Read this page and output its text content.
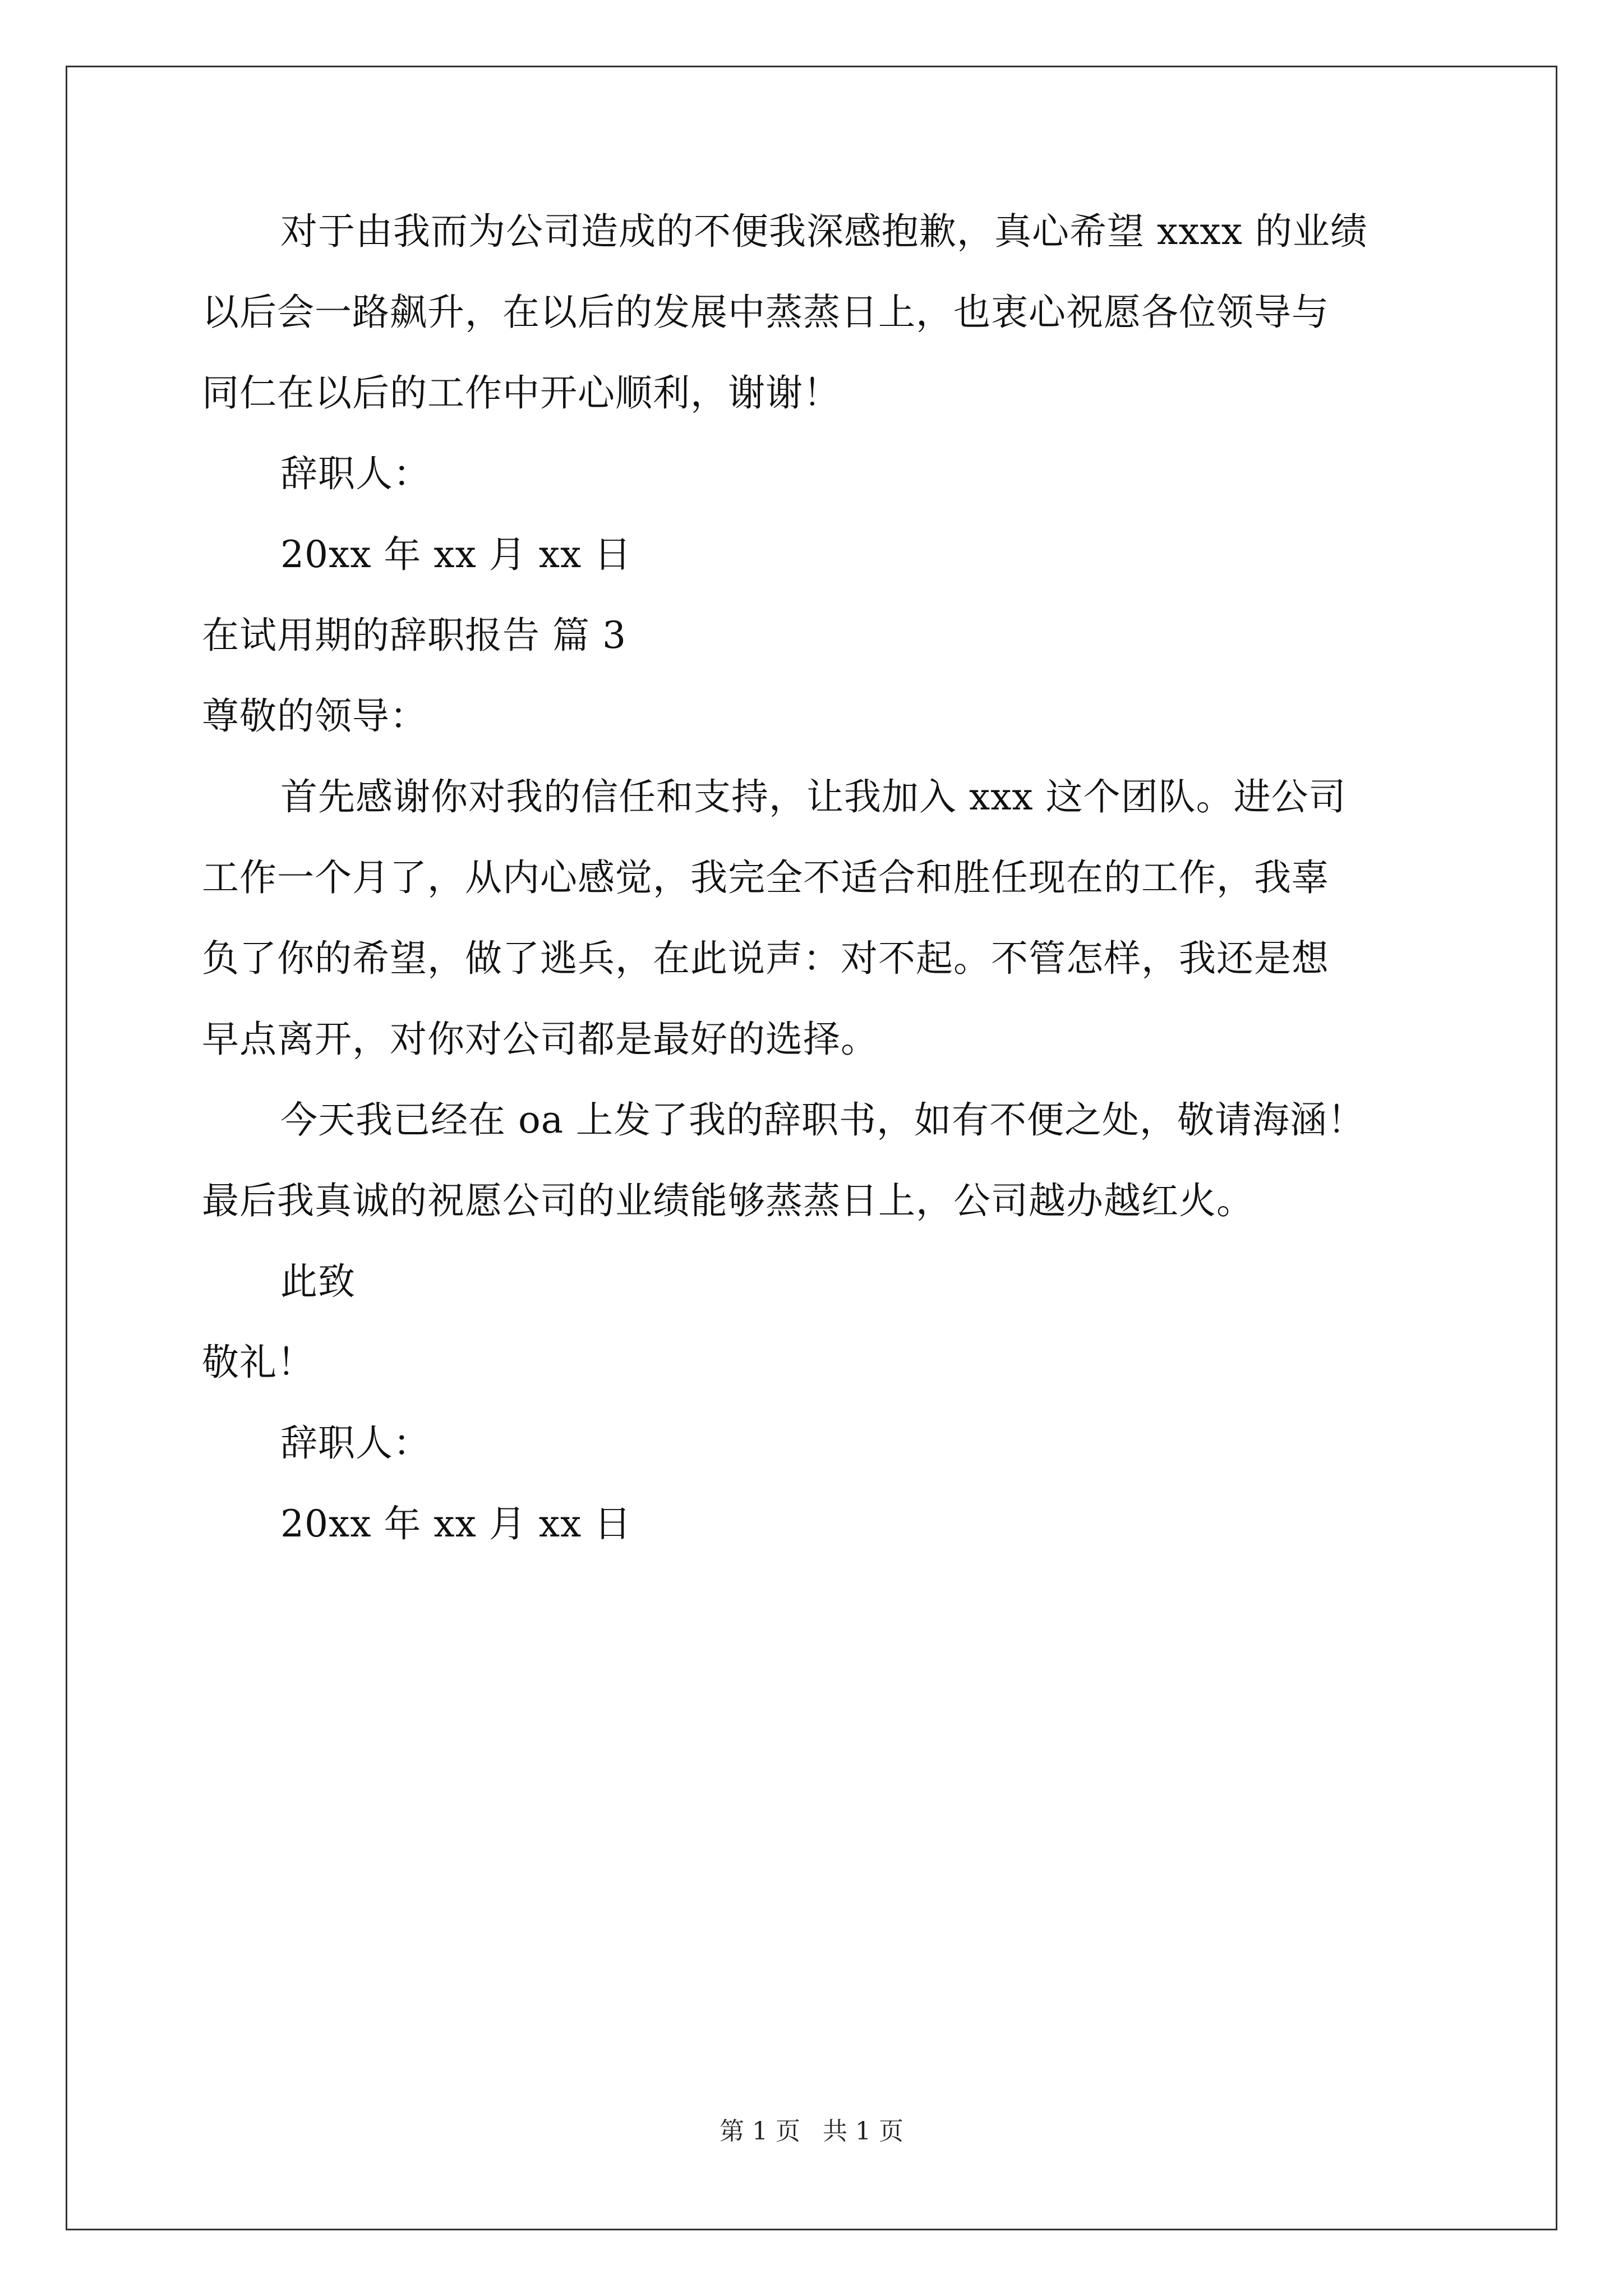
对于由我而为公司造成的不便我深感抱歉，真心希望 xxxx 的业绩
以后会一路飙升，在以后的发展中蒸蒸日上，也衷心祝愿各位领导与
同仁在以后的工作中开心顺利，谢谢！
辞职人：
20xx 年 xx 月 xx 日
在试用期的辞职报告 篇 3
尊敬的领导：
首先感谢你对我的信任和支持，让我加入 xxx 这个团队。进公司
工作一个月了，从内心感觉，我完全不适合和胜任现在的工作，我辜
负了你的希望，做了逃兵，在此说声：对不起。不管怎样，我还是想
早点离开，对你对公司都是最好的选择。
今天我已经在 oa 上发了我的辞职书，如有不便之处，敬请海涵！
最后我真诚的祝愿公司的业绩能够蒸蒸日上，公司越办越红火。
此致
敬礼！
辞职人：
20xx 年 xx 月 xx 日
第 1 页 共 1 页
